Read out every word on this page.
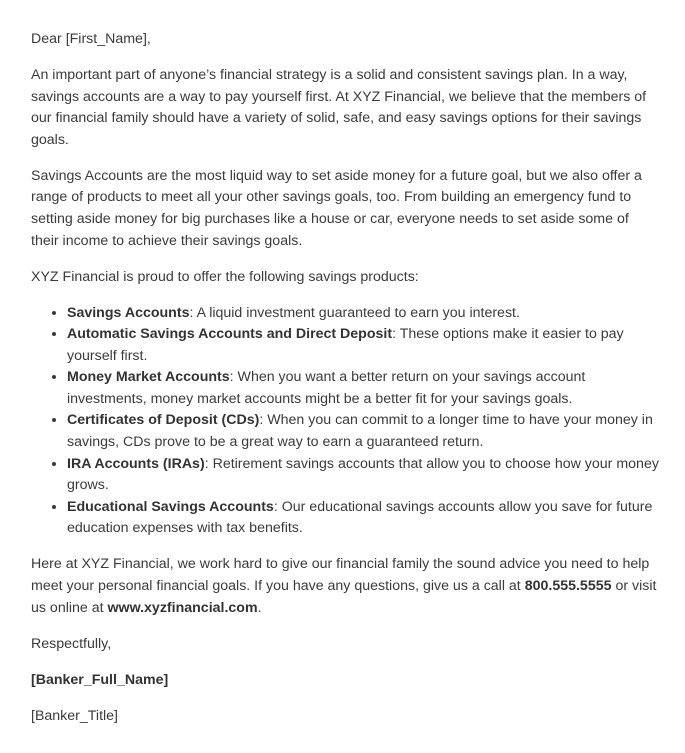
Dear [First_Name],

An important part of anyone’s financial strategy is a solid and consistent savings plan. In a way, savings accounts are a way to pay yourself first. At XYZ Financial, we believe that the members of our financial family should have a variety of solid, safe, and easy savings options for their savings goals.

Savings Accounts are the most liquid way to set aside money for a future goal, but we also offer a range of products to meet all your other savings goals, too. From building an emergency fund to setting aside money for big purchases like a house or car, everyone needs to set aside some of their income to achieve their savings goals.

XYZ Financial is proud to offer the following savings products:

• Savings Accounts: A liquid investment guaranteed to earn you interest.
• Automatic Savings Accounts and Direct Deposit: These options make it easier to pay yourself first.
• Money Market Accounts: When you want a better return on your savings account investments, money market accounts might be a better fit for your savings goals.
• Certificates of Deposit (CDs): When you can commit to a longer time to have your money in savings, CDs prove to be a great way to earn a guaranteed return.
• IRA Accounts (IRAs): Retirement savings accounts that allow you to choose how your money grows.
• Educational Savings Accounts: Our educational savings accounts allow you save for future education expenses with tax benefits.

Here at XYZ Financial, we work hard to give our financial family the sound advice you need to help meet your personal financial goals. If you have any questions, give us a call at 800.555.5555 or visit us online at www.xyzfinancial.com.

Respectfully,

[Banker_Full_Name]

[Banker_Title]
